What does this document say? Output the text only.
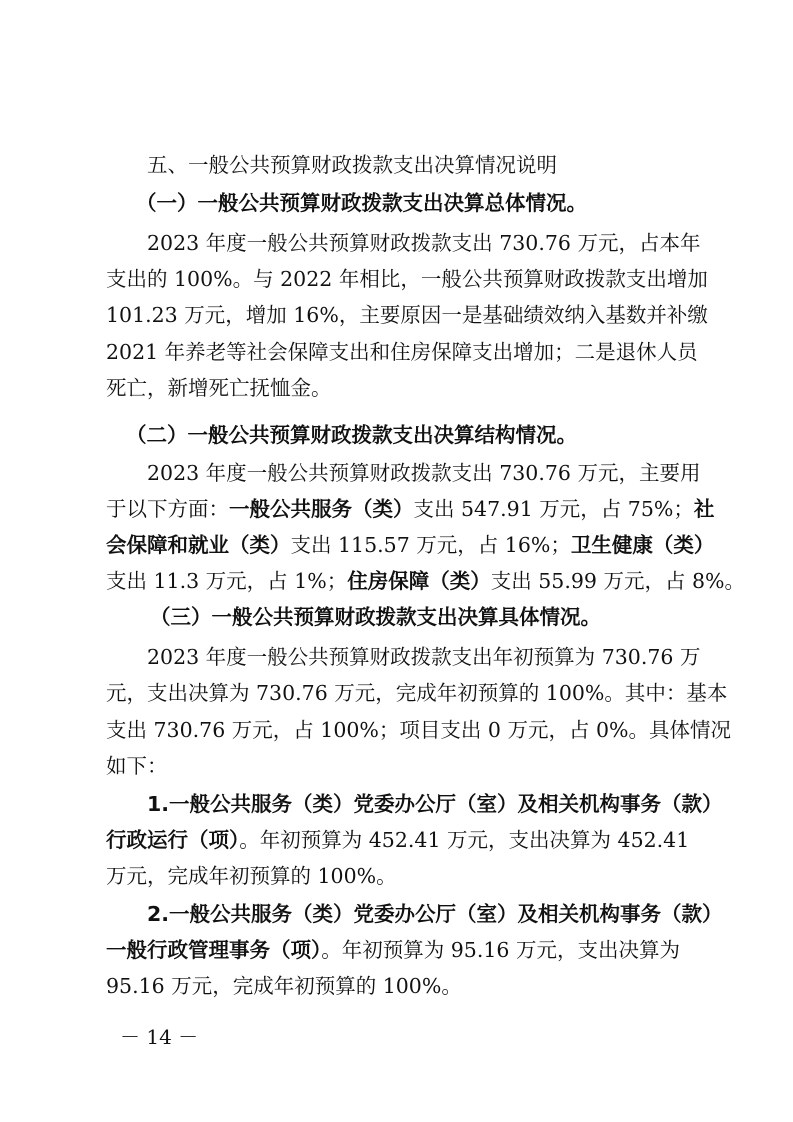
五、一般公共预算财政拨款支出决算情况说明
（一）一般公共预算财政拨款支出决算总体情况。
2023 年度一般公共预算财政拨款支出 730.76 万元，占本年
支出的 100%。与 2022 年相比，一般公共预算财政拨款支出增加
101.23 万元，增加 16%，主要原因一是基础绩效纳入基数并补缴
2021 年养老等社会保障支出和住房保障支出增加；二是退休人员
死亡，新增死亡抚恤金。
（二）一般公共预算财政拨款支出决算结构情况。
2023 年度一般公共预算财政拨款支出 730.76 万元，主要用
于以下方面：一般公共服务（类）支出 547.91 万元，占 75%；社
会保障和就业（类）支出 115.57 万元，占 16%；卫生健康（类）
支出 11.3 万元，占 1%；住房保障（类）支出 55.99 万元，占 8%。
（三）一般公共预算财政拨款支出决算具体情况。
2023 年度一般公共预算财政拨款支出年初预算为 730.76 万
元，支出决算为 730.76 万元，完成年初预算的 100%。其中：基本
支出 730.76 万元，占 100%；项目支出 0 万元，占 0%。具体情况
如下：
1.一般公共服务（类）党委办公厅（室）及相关机构事务（款）
行政运行（项）。年初预算为 452.41 万元，支出决算为 452.41
万元，完成年初预算的 100%。
2.一般公共服务（类）党委办公厅（室）及相关机构事务（款）
一般行政管理事务（项）。年初预算为 95.16 万元，支出决算为
95.16 万元，完成年初预算的 100%。
－ 14 －
